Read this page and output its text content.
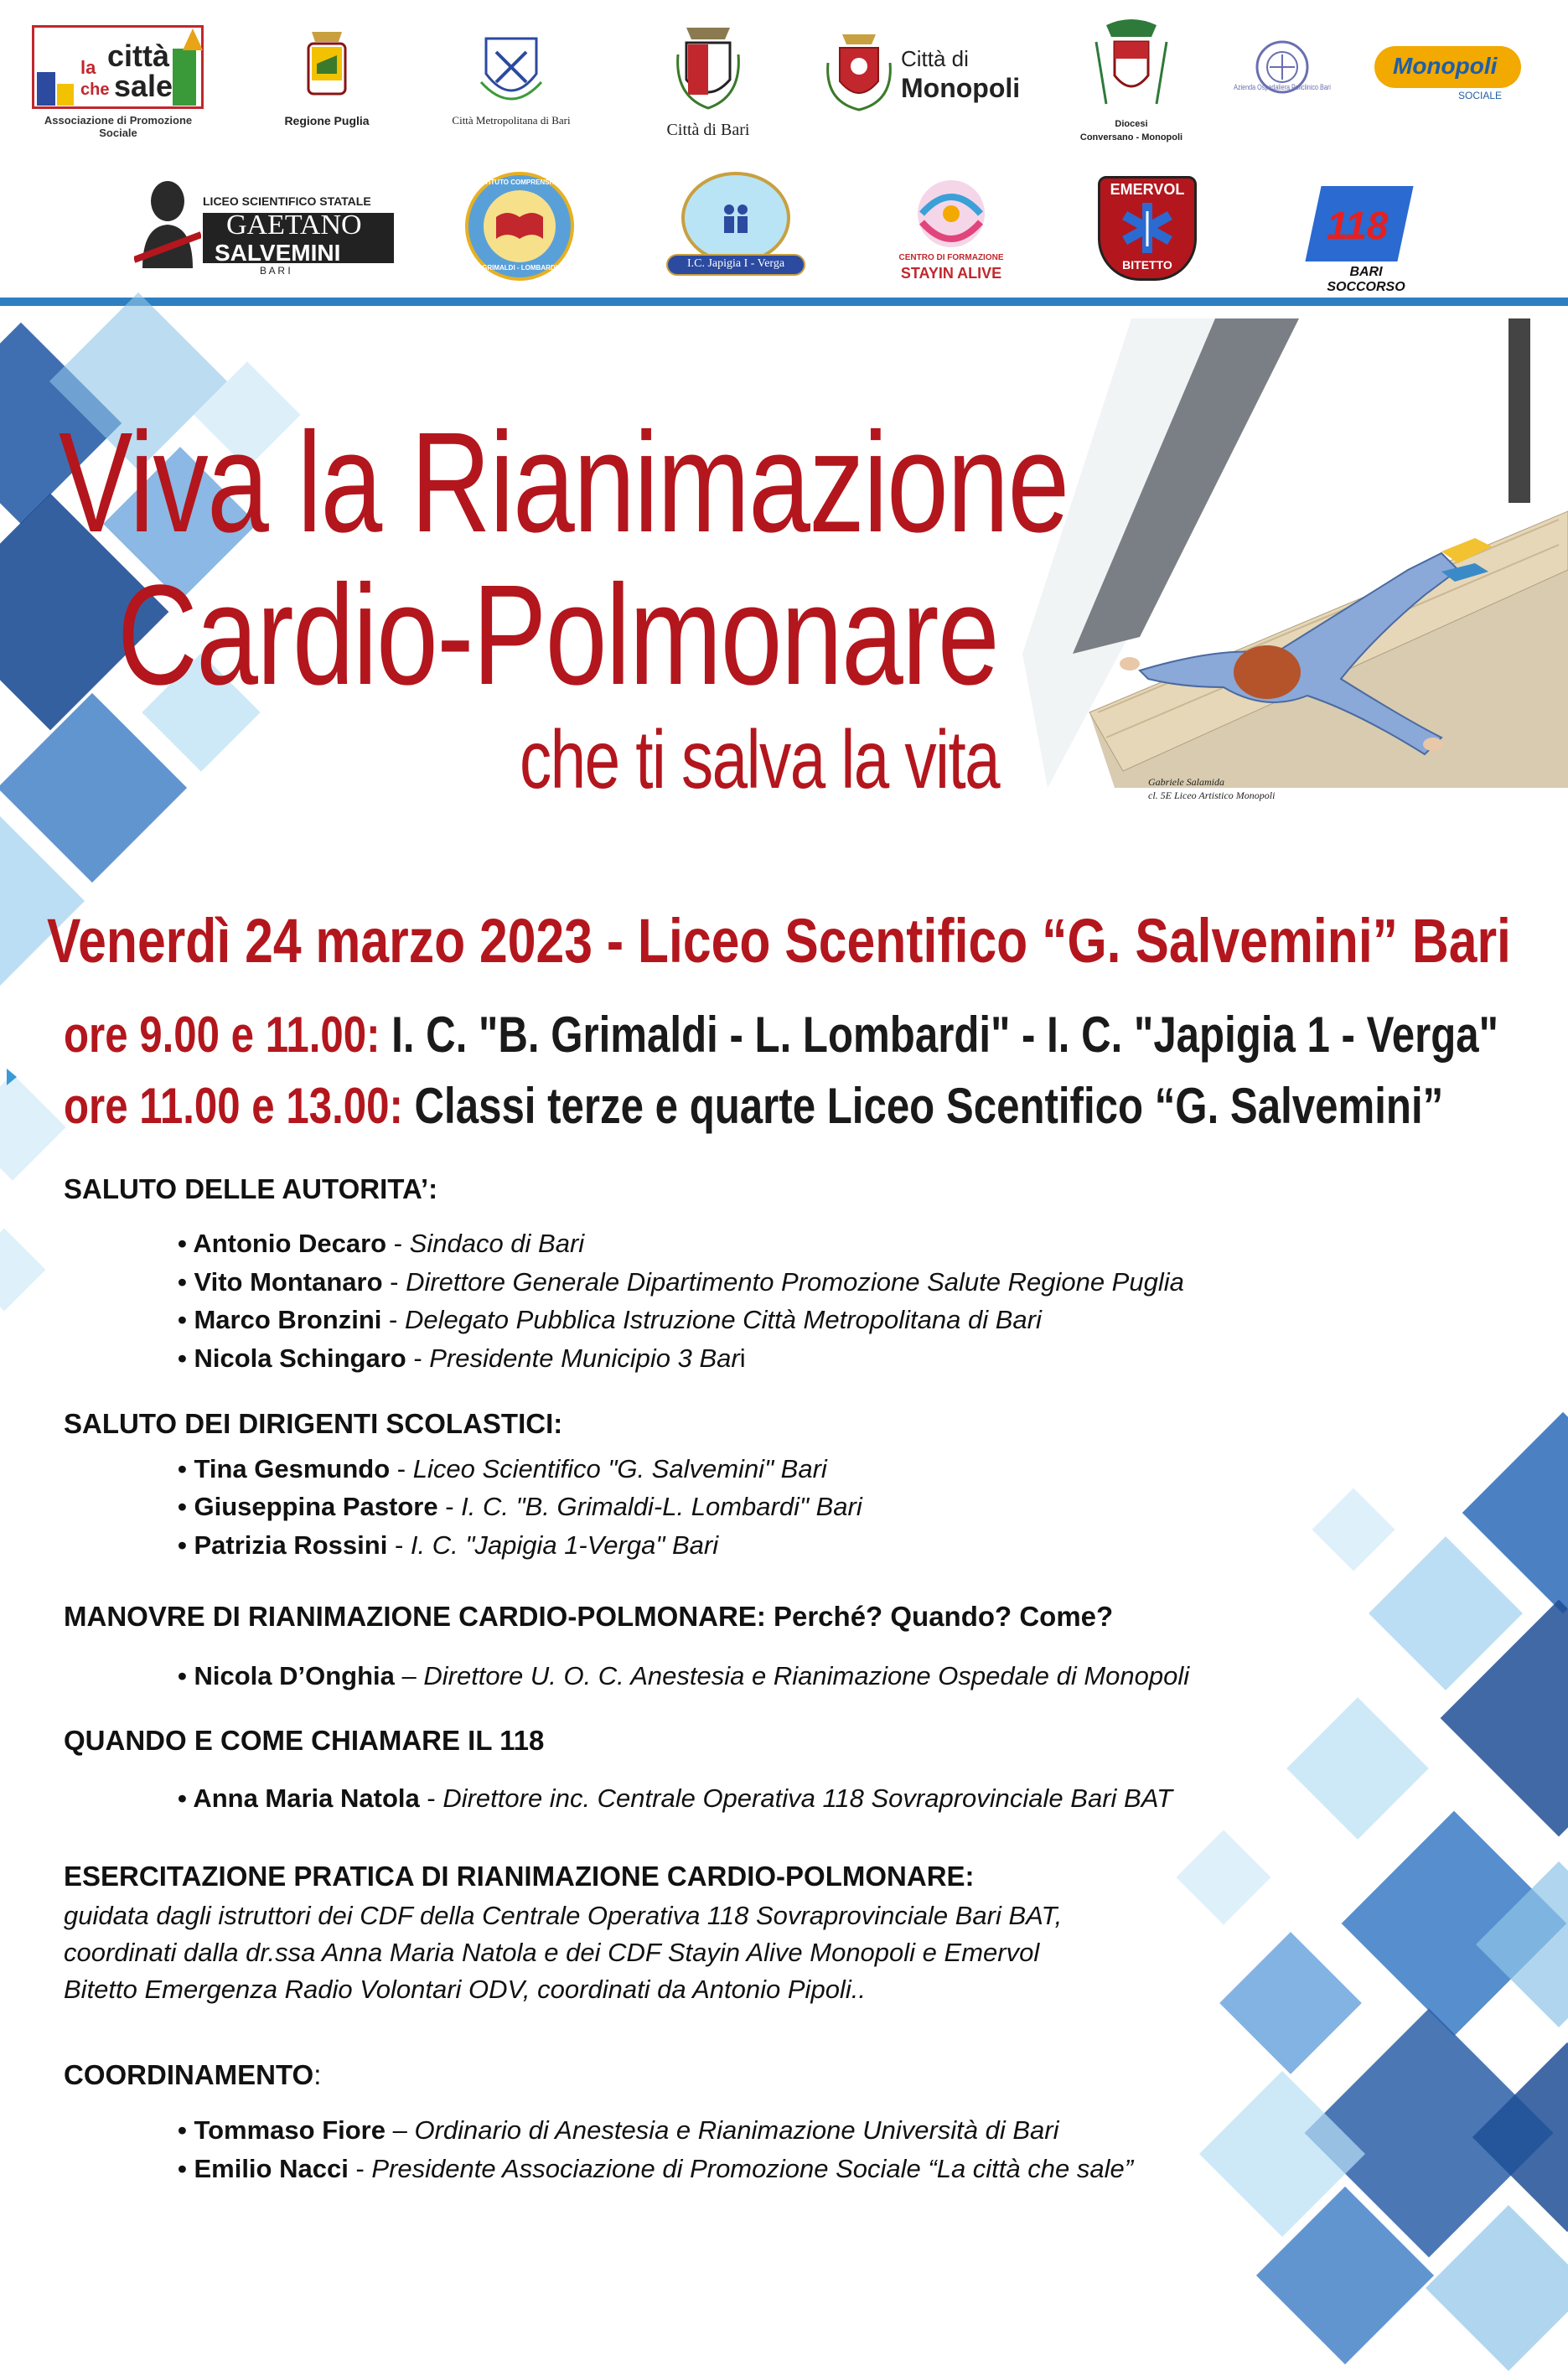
la città
che sale
Associazione di Promozione Sociale
Regione Puglia	Città Metropolitana di Bari
Città di Bari
Città di
Monopoli
Diocesi
Conversano - Monopoli
Azienda Ospedaliera Policlinico Bari
Monopoli
SOCIALE
LICEO SCIENTIFICO STATALE
GAETANO
SALVEMINI
B A R I
ISTITUTO COMPRENSIVO
GRIMALDI - LOMBARDI	I.C. Japigia I - Verga	CENTRO DI FORMAZIONE
STAYIN ALIVE
EMERVOL
BITETTO
118
BARI SOCCORSO
Gabriele Salamida
cl. 5E Liceo Artistico Monopoli
Viva la Rianimazione
Cardio-Polmonare
che ti salva la vita
Venerdì 24 marzo 2023 - Liceo Scentifico “G. Salvemini” Bari
ore 9.00 e 11.00: I. C. "B. Grimaldi - L. Lombardi" - I. C. "Japigia 1 - Verga"
ore 11.00 e 13.00: Classi terze e quarte Liceo Scentifico “G. Salvemini”
SALUTO DELLE AUTORITA’:
• Antonio Decaro - Sindaco di Bari
• Vito Montanaro - Direttore Generale Dipartimento Promozione Salute Regione Puglia
• Marco Bronzini - Delegato Pubblica Istruzione Città Metropolitana di Bari
• Nicola Schingaro - Presidente Municipio 3 Bari
SALUTO DEI DIRIGENTI SCOLASTICI:
• Tina Gesmundo - Liceo Scientifico "G. Salvemini" Bari
• Giuseppina Pastore - I. C. "B. Grimaldi-L. Lombardi" Bari
• Patrizia Rossini - I. C. "Japigia 1-Verga" Bari
MANOVRE DI RIANIMAZIONE CARDIO-POLMONARE: Perché? Quando? Come?
• Nicola D’Onghia – Direttore U. O. C. Anestesia e Rianimazione Ospedale di Monopoli
QUANDO E COME CHIAMARE IL 118
• Anna Maria Natola - Direttore inc. Centrale Operativa 118 Sovraprovinciale Bari BAT
ESERCITAZIONE PRATICA DI RIANIMAZIONE CARDIO-POLMONARE:
guidata dagli istruttori dei CDF della Centrale Operativa 118 Sovraprovinciale Bari BAT,
coordinati dalla dr.ssa Anna Maria Natola e dei CDF Stayin Alive Monopoli e Emervol
Bitetto Emergenza Radio Volontari ODV, coordinati da Antonio Pipoli..
COORDINAMENTO:
• Tommaso Fiore – Ordinario di Anestesia e Rianimazione Università di Bari
• Emilio Nacci - Presidente Associazione di Promozione Sociale “La città che sale”
